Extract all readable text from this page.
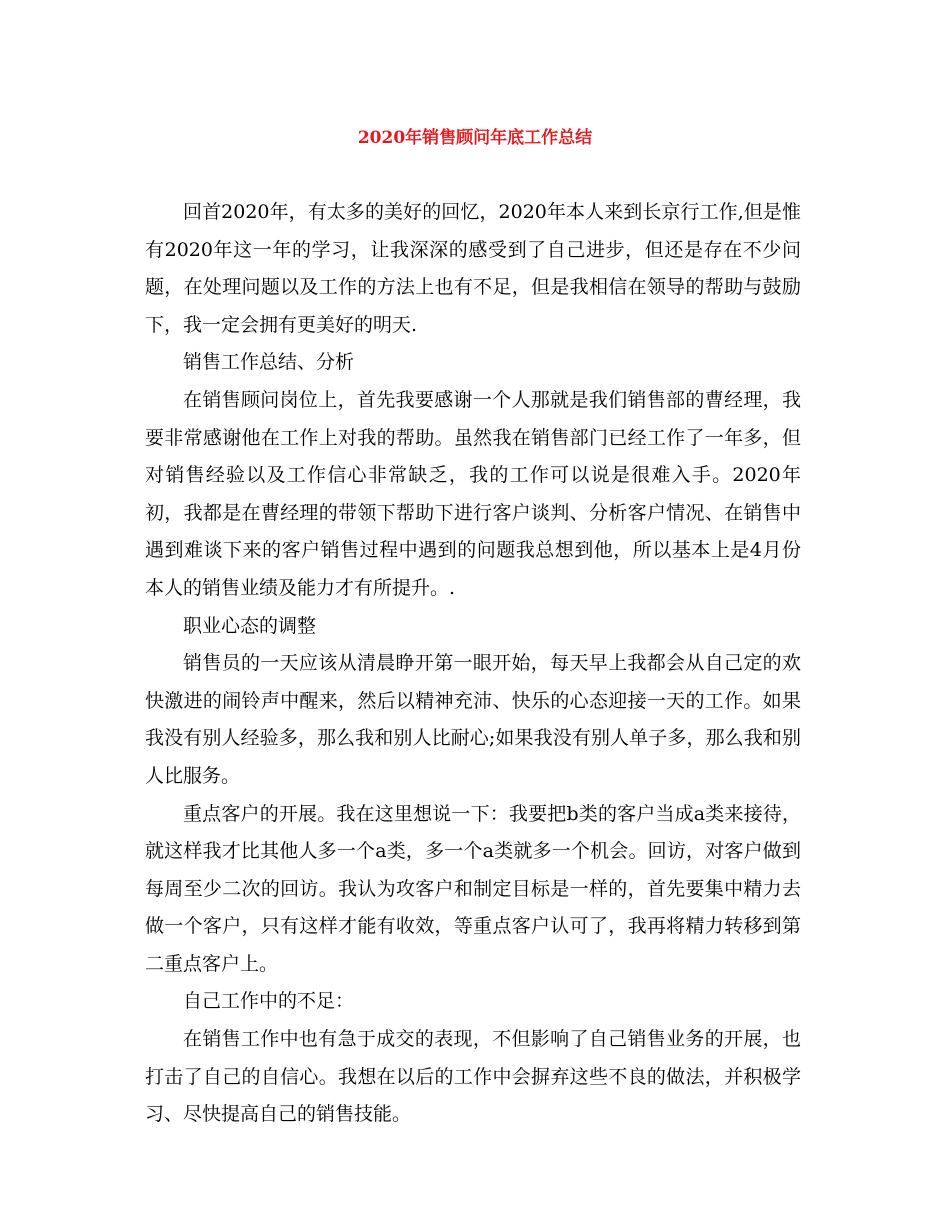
2020年销售顾问年底工作总结

回首2020年，有太多的美好的回忆，2020年本人来到长京行工作,但是惟有2020年这一年的学习，让我深深的感受到了自己进步，但还是存在不少问题，在处理问题以及工作的方法上也有不足，但是我相信在领导的帮助与鼓励下，我一定会拥有更美好的明天.

销售工作总结、分析

在销售顾问岗位上，首先我要感谢一个人那就是我们销售部的曹经理，我要非常感谢他在工作上对我的帮助。虽然我在销售部门已经工作了一年多，但对销售经验以及工作信心非常缺乏，我的工作可以说是很难入手。2020年初，我都是在曹经理的带领下帮助下进行客户谈判、分析客户情况、在销售中遇到难谈下来的客户销售过程中遇到的问题我总想到他，所以基本上是4月份本人的销售业绩及能力才有所提升。.

职业心态的调整

销售员的一天应该从清晨睁开第一眼开始，每天早上我都会从自己定的欢快激进的闹铃声中醒来，然后以精神充沛、快乐的心态迎接一天的工作。如果我没有别人经验多，那么我和别人比耐心;如果我没有别人单子多，那么我和别人比服务。

重点客户的开展。我在这里想说一下：我要把b类的客户当成a类来接待，就这样我才比其他人多一个a类，多一个a类就多一个机会。回访，对客户做到每周至少二次的回访。我认为攻客户和制定目标是一样的，首先要集中精力去做一个客户，只有这样才能有收效，等重点客户认可了，我再将精力转移到第二重点客户上。

自己工作中的不足：

在销售工作中也有急于成交的表现，不但影响了自己销售业务的开展，也打击了自己的自信心。我想在以后的工作中会摒弃这些不良的做法，并积极学习、尽快提高自己的销售技能。
